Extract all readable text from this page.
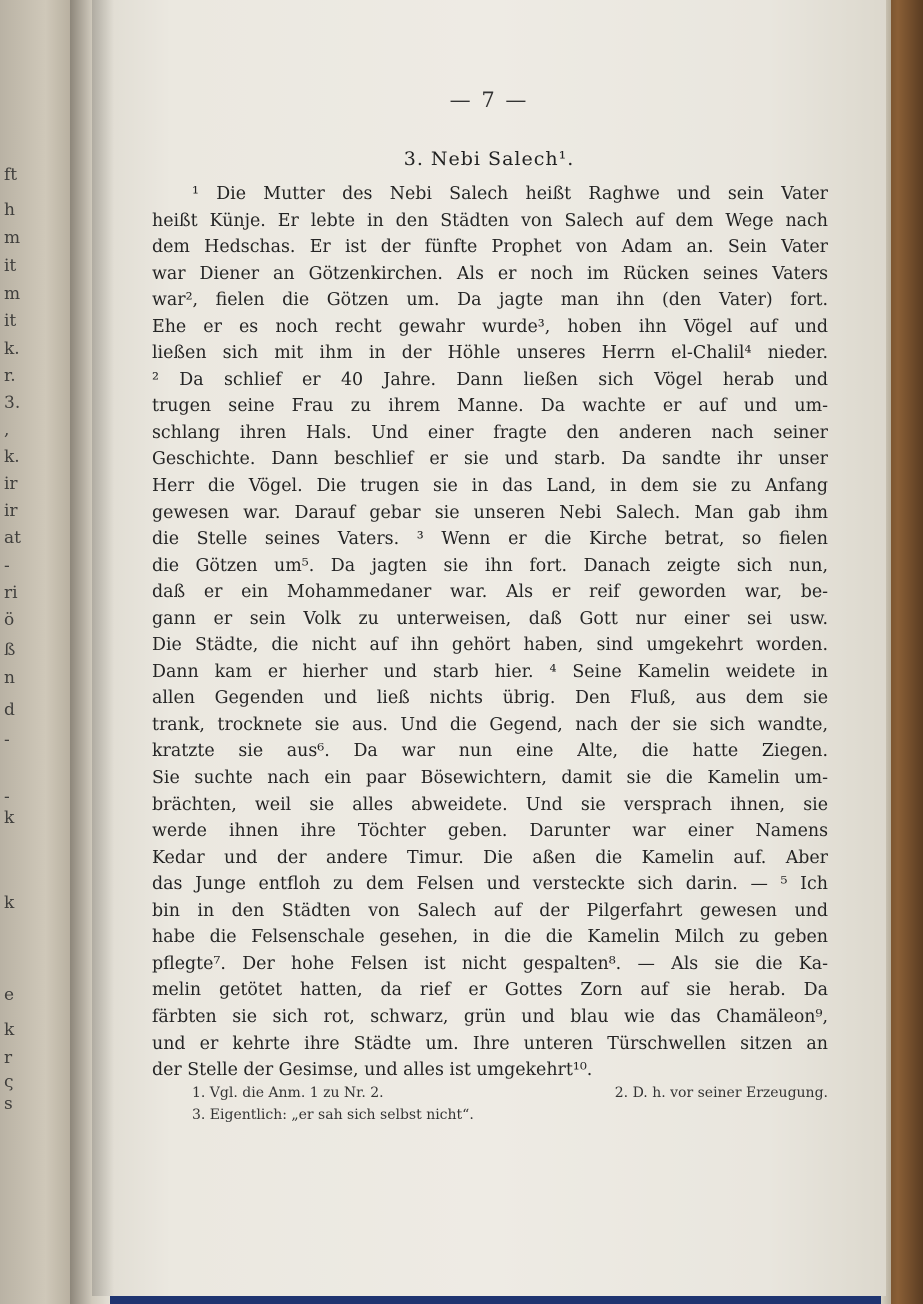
ft
h
m
it
m
it
k.
r.
3.
,
k.
ir
ir
at
-
ri
ö
ß
n
d
-
-
k
k
e
k
r
ς
s
— 7 —
3. Nebi Salech¹.
¹ Die Mutter des Nebi Salech heißt Raghwe und sein Vater
heißt Künje. Er lebte in den Städten von Salech auf dem Wege nach
dem Hedschas. Er ist der fünfte Prophet von Adam an. Sein Vater
war Diener an Götzenkirchen. Als er noch im Rücken seines Vaters
war², fielen die Götzen um. Da jagte man ihn (den Vater) fort.
Ehe er es noch recht gewahr wurde³, hoben ihn Vögel auf und
ließen sich mit ihm in der Höhle unseres Herrn el-Chalil⁴ nieder.
² Da schlief er 40 Jahre. Dann ließen sich Vögel herab und
trugen seine Frau zu ihrem Manne. Da wachte er auf und um-
schlang ihren Hals. Und einer fragte den anderen nach seiner
Geschichte. Dann beschlief er sie und starb. Da sandte ihr unser
Herr die Vögel. Die trugen sie in das Land, in dem sie zu Anfang
gewesen war. Darauf gebar sie unseren Nebi Salech. Man gab ihm
die Stelle seines Vaters. ³ Wenn er die Kirche betrat, so fielen
die Götzen um⁵. Da jagten sie ihn fort. Danach zeigte sich nun,
daß er ein Mohammedaner war. Als er reif geworden war, be-
gann er sein Volk zu unterweisen, daß Gott nur einer sei usw.
Die Städte, die nicht auf ihn gehört haben, sind umgekehrt worden.
Dann kam er hierher und starb hier. ⁴ Seine Kamelin weidete in
allen Gegenden und ließ nichts übrig. Den Fluß, aus dem sie
trank, trocknete sie aus. Und die Gegend, nach der sie sich wandte,
kratzte sie aus⁶. Da war nun eine Alte, die hatte Ziegen.
Sie suchte nach ein paar Bösewichtern, damit sie die Kamelin um-
brächten, weil sie alles abweidete. Und sie versprach ihnen, sie
werde ihnen ihre Töchter geben. Darunter war einer Namens
Kedar und der andere Timur. Die aßen die Kamelin auf. Aber
das Junge entfloh zu dem Felsen und versteckte sich darin. — ⁵ Ich
bin in den Städten von Salech auf der Pilgerfahrt gewesen und
habe die Felsenschale gesehen, in die die Kamelin Milch zu geben
pflegte⁷. Der hohe Felsen ist nicht gespalten⁸. — Als sie die Ka-
melin getötet hatten, da rief er Gottes Zorn auf sie herab. Da
färbten sie sich rot, schwarz, grün und blau wie das Chamäleon⁹,
und er kehrte ihre Städte um. Ihre unteren Türschwellen sitzen an
der Stelle der Gesimse, und alles ist umgekehrt¹⁰.
1. Vgl. die Anm. 1 zu Nr. 2.	2. D. h. vor seiner Erzeugung.
3. Eigentlich: „er sah sich selbst nicht“.
